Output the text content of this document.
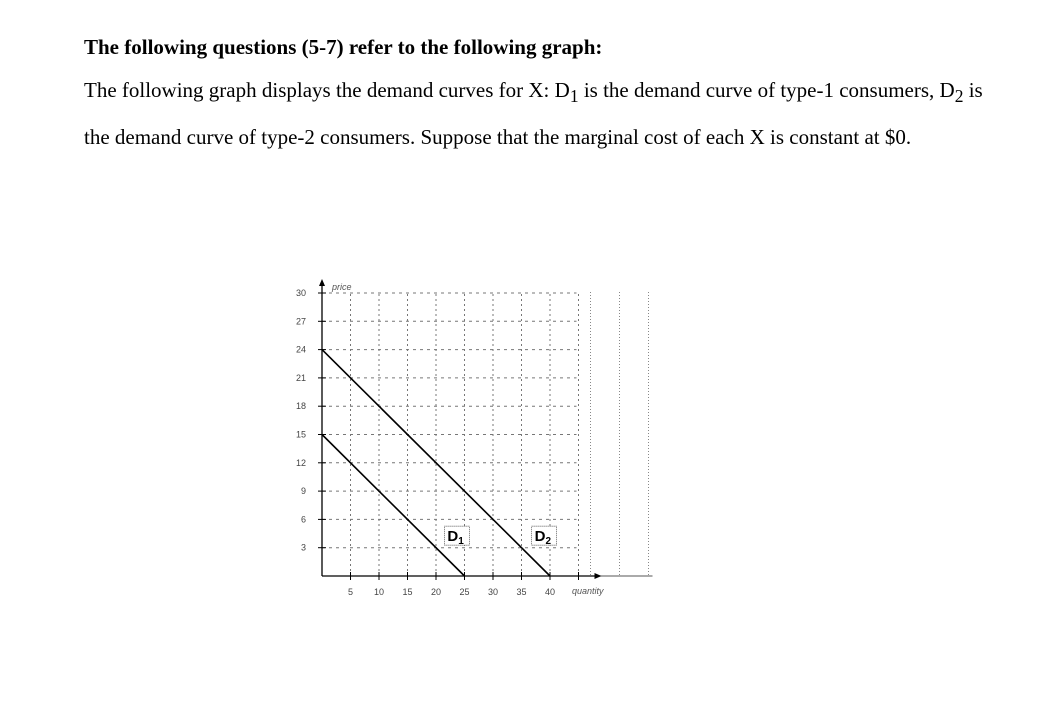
The following questions (5-7) refer to the following graph:

The following graph displays the demand curves for X: $D_1$ is the demand curve of type-1 consumers, $D_2$ is the demand curve of type-2 consumers. Suppose that the marginal cost of each X is constant at $0.

30
27
24
21
18
15
12
9
6
3
5 10 15 20 25 30 35 40
$D_1$	$D_2$
price
quantity
